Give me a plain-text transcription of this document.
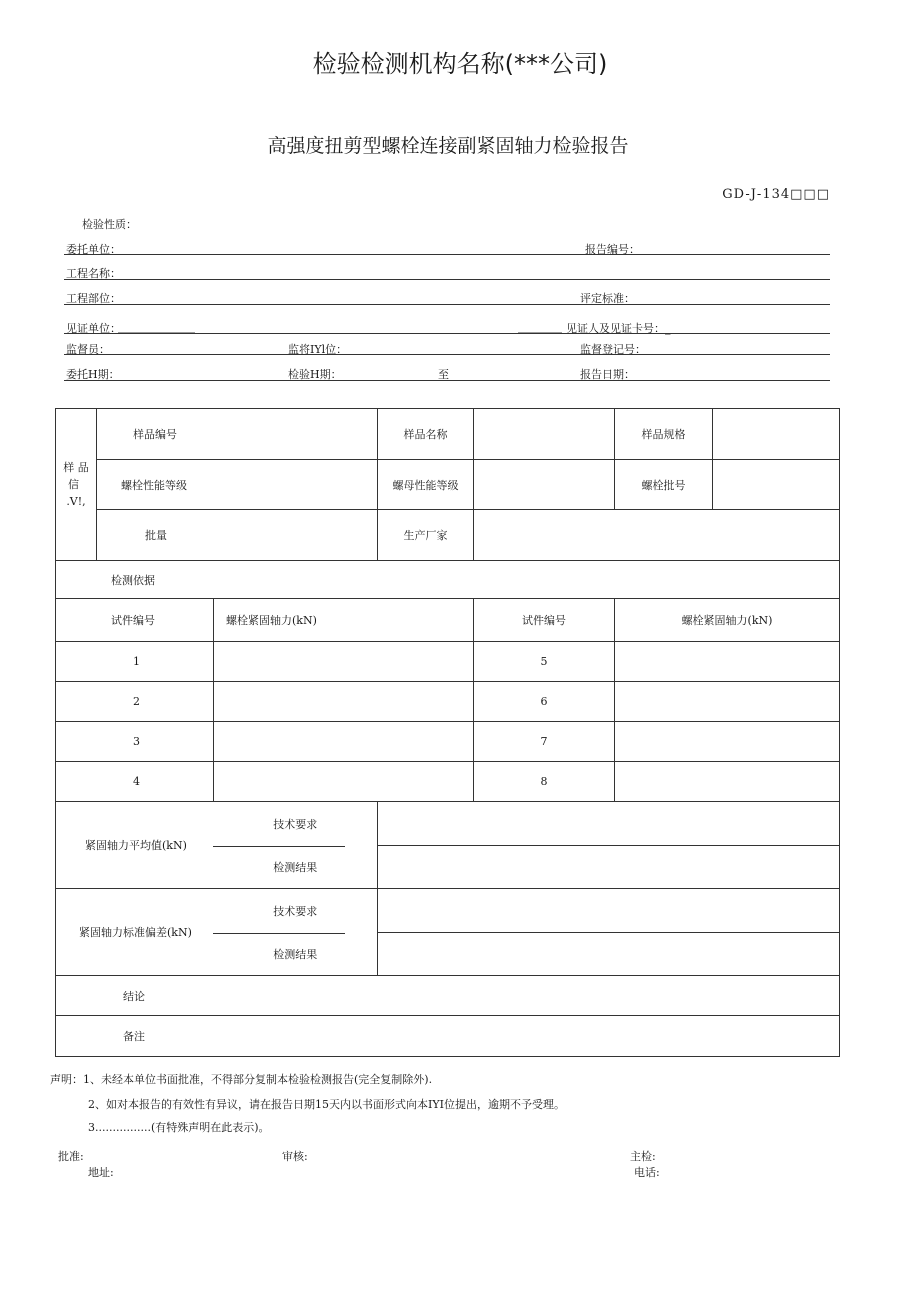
检验检测机构名称(***公司)
高强度扭剪型螺栓连接副紧固轴力检验报告
GD-J-134□□□
检验性质：
委托单位：	报告编号：
工程名称：
工程部位：	评定标准：
见证单位：
______________	________ 见证人及见证卡号：_
监督员：	监将IYl位：	监督登记号：
委托H期：	检验H期：	至	报告日期：
样 品
信
.V!,	样品编号		样品名称		样品规格	
	螺栓性能等级		螺母性能等级		螺栓批号	
	批量		生产厂家			
检测依据						
试件编号		螺栓紧固轴力(kN)		试件编号	螺栓紧固轴力(kN)	
1				5		
2				6		
3				7		
4				8		
紧固轴力平均值(kN)		技术要求				
		检测结果				
紧固轴力标准偏差(kN)		技术要求				
		检测结果				
结论						
备注						
声明：1、未经本单位书面批准，不得部分复制本检验检测报告(完全复制除外).
2、如对本报告的有效性有异议，请在报告日期15天内以书面形式向本IYI位提出，逾期不予受理。
3................(有特殊声明在此表示)。
批准:	审核:	主检:
地址:	电话:
